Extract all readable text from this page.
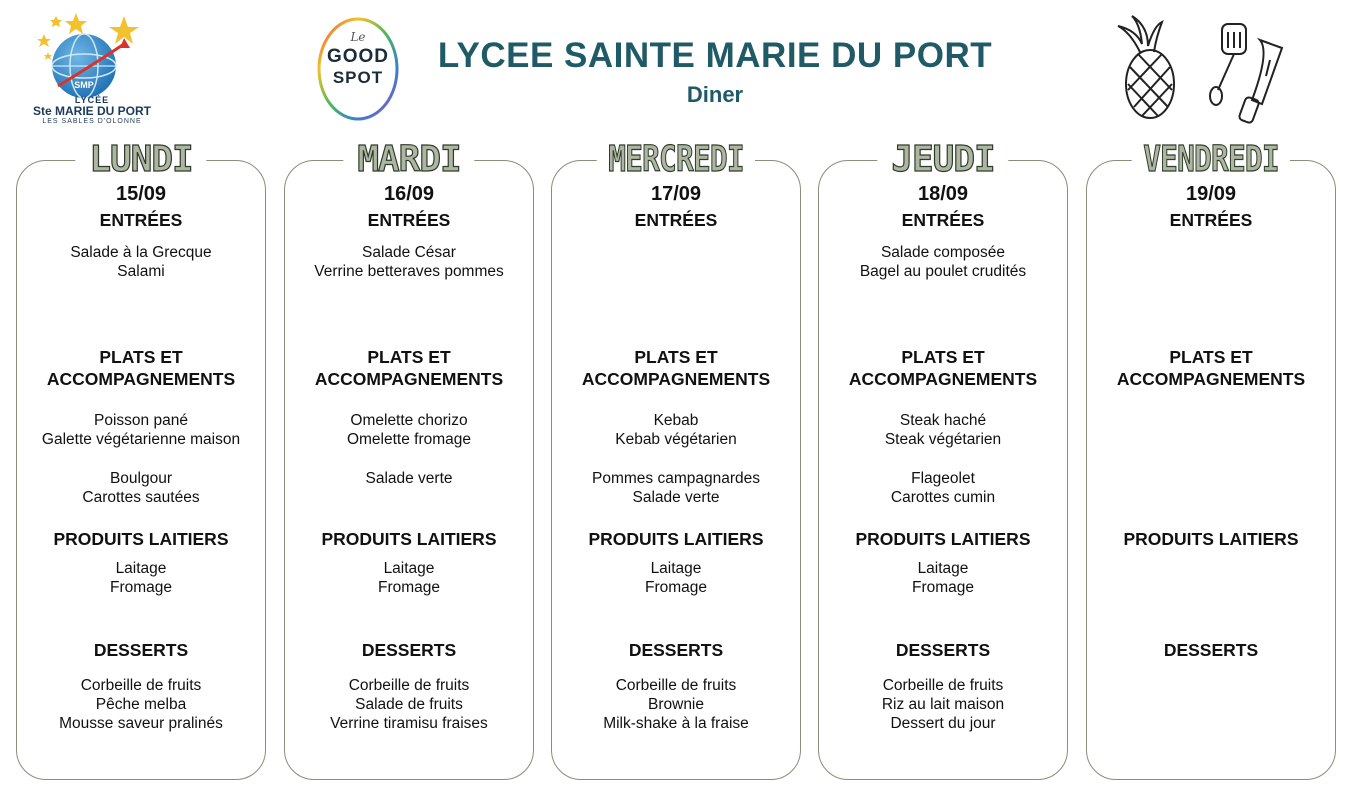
SMP
LYCÉE
Ste MARIE DU PORT
LES SABLES D'OLONNE
Le
GOOD
SPOT
LYCEE SAINTE MARIE DU PORT
Diner
LUNDI
15/09
ENTRÉES
Salade à la Grecque
Salami
PLATS ET
ACCOMPAGNEMENTS
Poisson pané
Galette végétarienne maison
Boulgour
Carottes sautées
PRODUITS LAITIERS
Laitage
Fromage
DESSERTS
Corbeille de fruits
Pêche melba
Mousse saveur pralinés
MARDI
16/09
ENTRÉES
Salade César
Verrine betteraves pommes
PLATS ET
ACCOMPAGNEMENTS
Omelette chorizo
Omelette fromage
Salade verte
PRODUITS LAITIERS
Laitage
Fromage
DESSERTS
Corbeille de fruits
Salade de fruits
Verrine tiramisu fraises
MERCREDI
17/09
ENTRÉES
PLATS ET
ACCOMPAGNEMENTS
Kebab
Kebab végétarien
Pommes campagnardes
Salade verte
PRODUITS LAITIERS
Laitage
Fromage
DESSERTS
Corbeille de fruits
Brownie
Milk-shake à la fraise
JEUDI
18/09
ENTRÉES
Salade composée
Bagel au poulet crudités
PLATS ET
ACCOMPAGNEMENTS
Steak haché
Steak végétarien
Flageolet
Carottes cumin
PRODUITS LAITIERS
Laitage
Fromage
DESSERTS
Corbeille de fruits
Riz au lait maison
Dessert du jour
VENDREDI
19/09
ENTRÉES
PLATS ET
ACCOMPAGNEMENTS
PRODUITS LAITIERS
DESSERTS
